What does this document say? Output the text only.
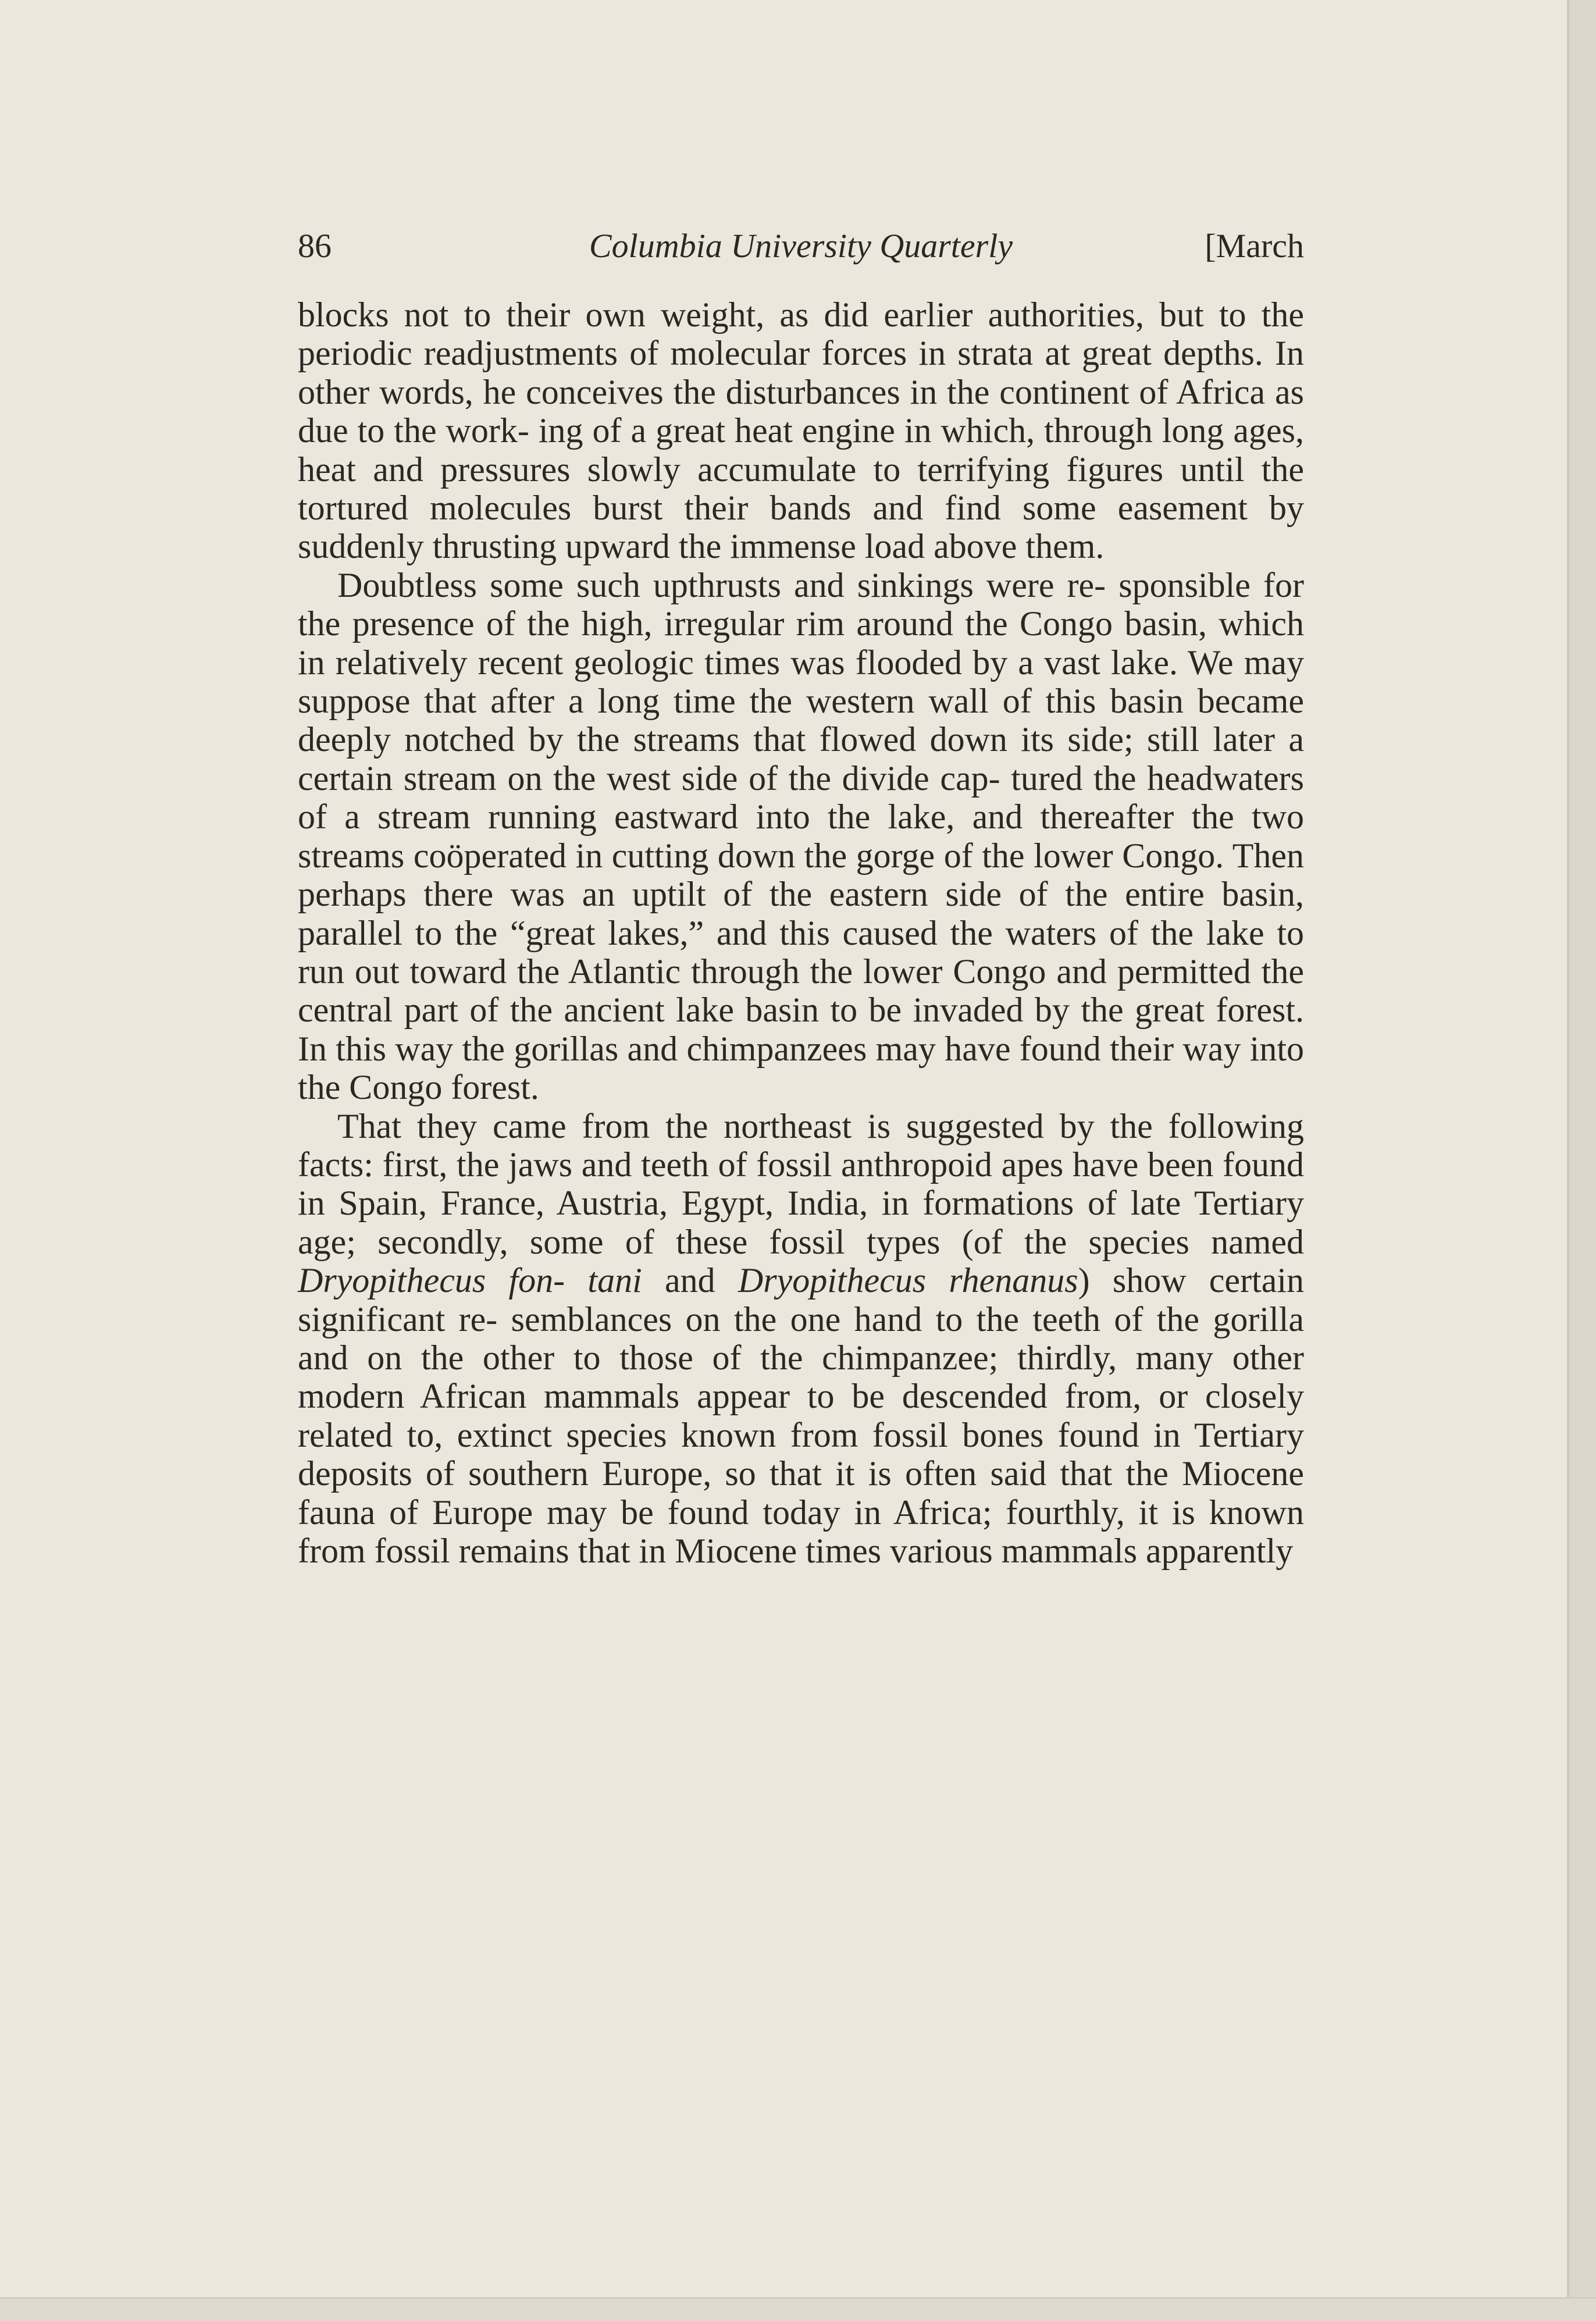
86	Columbia University Quarterly	[March

blocks not to their own weight, as did earlier authorities, but to the periodic readjustments of molecular forces in strata at great depths. In other words, he conceives the disturbances in the continent of Africa as due to the work- ing of a great heat engine in which, through long ages, heat and pressures slowly accumulate to terrifying figures until the tortured molecules burst their bands and find some easement by suddenly thrusting upward the immense load above them.

Doubtless some such upthrusts and sinkings were re- sponsible for the presence of the high, irregular rim around the Congo basin, which in relatively recent geologic times was flooded by a vast lake. We may suppose that after a long time the western wall of this basin became deeply notched by the streams that flowed down its side; still later a certain stream on the west side of the divide cap- tured the headwaters of a stream running eastward into the lake, and thereafter the two streams coöperated in cutting down the gorge of the lower Congo. Then perhaps there was an uptilt of the eastern side of the entire basin, parallel to the “great lakes,” and this caused the waters of the lake to run out toward the Atlantic through the lower Congo and permitted the central part of the ancient lake basin to be invaded by the great forest. In this way the gorillas and chimpanzees may have found their way into the Congo forest.

That they came from the northeast is suggested by the following facts: first, the jaws and teeth of fossil anthropoid apes have been found in Spain, France, Austria, Egypt, India, in formations of late Tertiary age; secondly, some of these fossil types (of the species named Dryopithecus fon- tani and Dryopithecus rhenanus) show certain significant re- semblances on the one hand to the teeth of the gorilla and on the other to those of the chimpanzee; thirdly, many other modern African mammals appear to be descended from, or closely related to, extinct species known from fossil bones found in Tertiary deposits of southern Europe, so that it is often said that the Miocene fauna of Europe may be found today in Africa; fourthly, it is known from fossil remains that in Miocene times various mammals apparently
